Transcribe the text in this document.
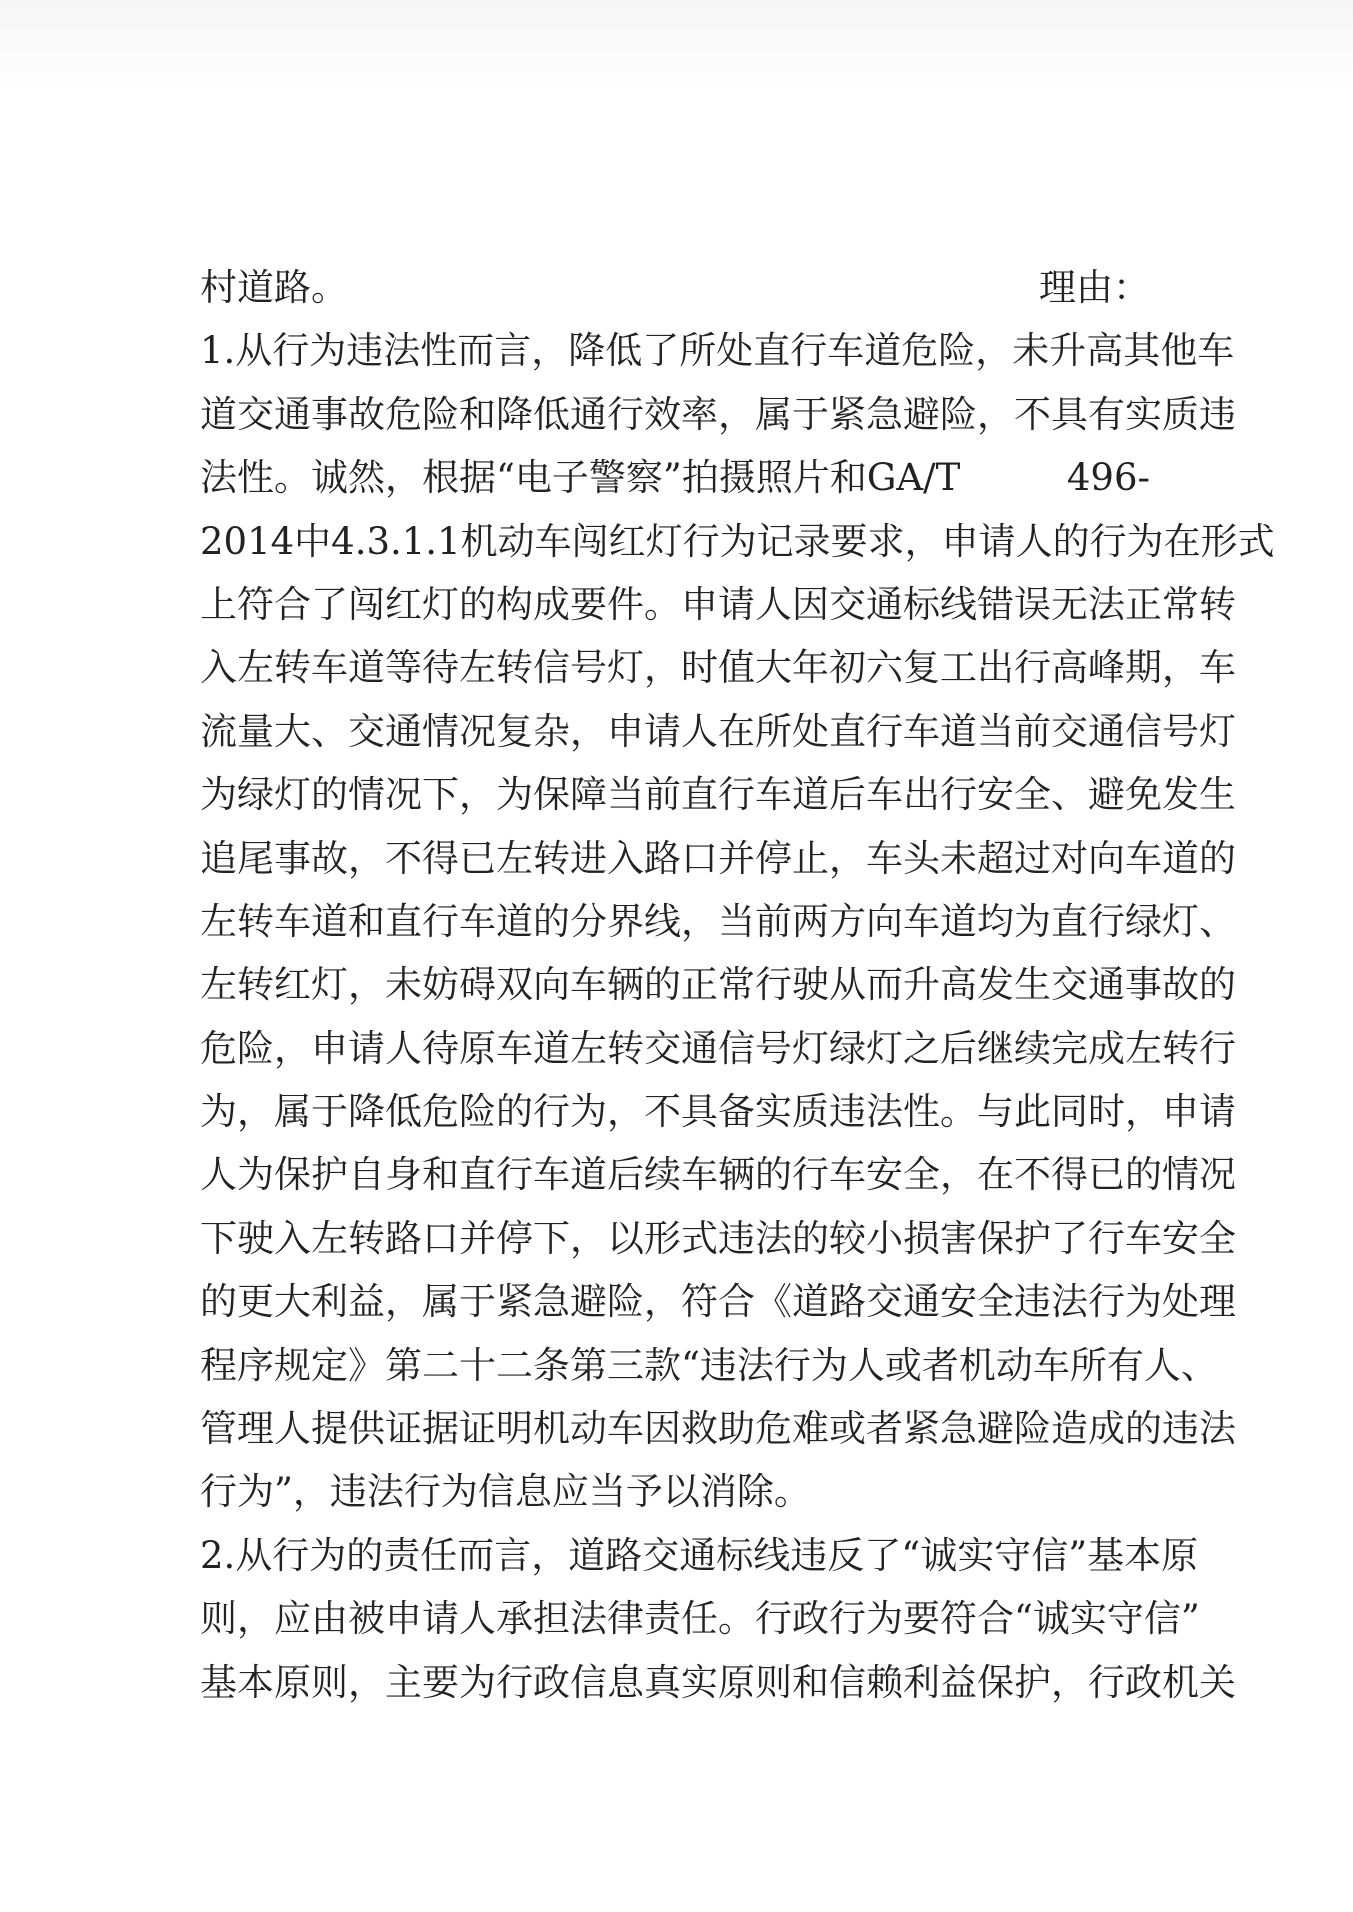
村道路。	理由：
1.从行为违法性而言，降低了所处直行车道危险，未升高其他车
道交通事故危险和降低通行效率，属于紧急避险，不具有实质违
法性。诚然，根据“电子警察”拍摄照片和GA/T	496-
2014中4.3.1.1机动车闯红灯行为记录要求，申请人的行为在形式
上符合了闯红灯的构成要件。申请人因交通标线错误无法正常转
入左转车道等待左转信号灯，时值大年初六复工出行高峰期，车
流量大、交通情况复杂，申请人在所处直行车道当前交通信号灯
为绿灯的情况下，为保障当前直行车道后车出行安全、避免发生
追尾事故，不得已左转进入路口并停止，车头未超过对向车道的
左转车道和直行车道的分界线，当前两方向车道均为直行绿灯、
左转红灯，未妨碍双向车辆的正常行驶从而升高发生交通事故的
危险，申请人待原车道左转交通信号灯绿灯之后继续完成左转行
为，属于降低危险的行为，不具备实质违法性。与此同时，申请
人为保护自身和直行车道后续车辆的行车安全，在不得已的情况
下驶入左转路口并停下，以形式违法的较小损害保护了行车安全
的更大利益，属于紧急避险，符合《道路交通安全违法行为处理
程序规定》第二十二条第三款“违法行为人或者机动车所有人、
管理人提供证据证明机动车因救助危难或者紧急避险造成的违法
行为”，违法行为信息应当予以消除。
2.从行为的责任而言，道路交通标线违反了“诚实守信”基本原
则，应由被申请人承担法律责任。行政行为要符合“诚实守信”
基本原则，主要为行政信息真实原则和信赖利益保护，行政机关
